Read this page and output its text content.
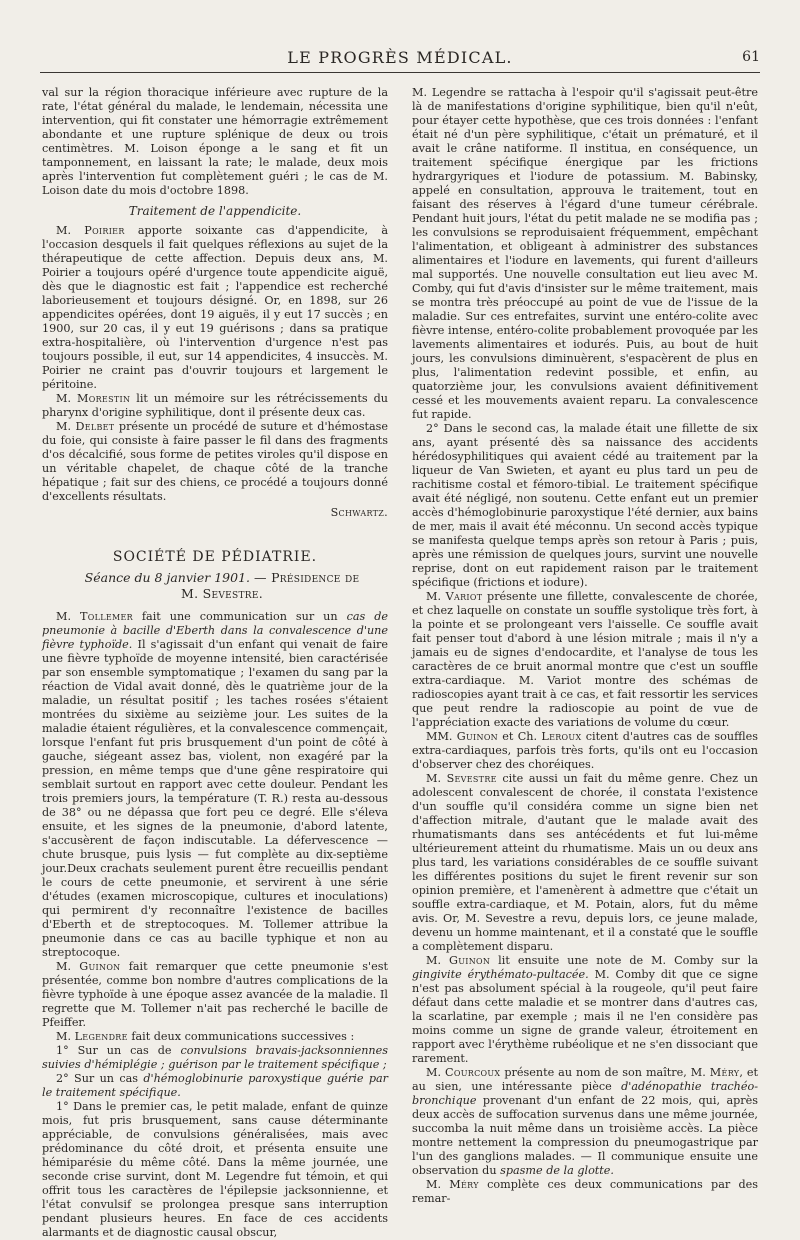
LE PROGRÈS MÉDICAL.	61

val sur la région thoracique inférieure avec rupture de la rate, l'état général du malade, le lendemain, nécessita une intervention, qui fit constater une hémorragie extrêmement abondante et une rupture splénique de deux ou trois centimètres. M. Loison éponge a le sang et fit un tamponnement, en laissant la rate; le malade, deux mois après l'intervention fut complètement guéri ; le cas de M. Loison date du mois d'octobre 1898.

Traitement de l'appendicite.

M. Poirier apporte soixante cas d'appendicite, à l'occasion desquels il fait quelques réflexions au sujet de la thérapeutique de cette affection. Depuis deux ans, M. Poirier a toujours opéré d'urgence toute appendicite aiguë, dès que le diagnostic est fait ; l'appendice est recherché laborieusement et toujours désigné. Or, en 1898, sur 26 appendicites opérées, dont 19 aiguës, il y eut 17 succès ; en 1900, sur 20 cas, il y eut 19 guérisons ; dans sa pratique extra-hospitalière, où l'intervention d'urgence n'est pas toujours possible, il eut, sur 14 appendicites, 4 insuccès. M. Poirier ne craint pas d'ouvrir toujours et largement le péritoine.

M. Morestin lit un mémoire sur les rétrécissements du pharynx d'origine syphilitique, dont il présente deux cas.

M. Delbet présente un procédé de suture et d'hémostase du foie, qui consiste à faire passer le fil dans des fragments d'os décalcifié, sous forme de petites viroles qu'il dispose en un véritable chapelet, de chaque côté de la tranche hépatique ; fait sur des chiens, ce procédé a toujours donné d'excellents résultats.

Schwartz.
SOCIÉTÉ DE PÉDIATRIE.

Séance du 8 janvier 1901. — Présidence de

M. Sevestre.

M. Tollemer fait une communication sur un cas de pneumonie à bacille d'Eberth dans la convalescence d'une fièvre typhoïde. Il s'agissait d'un enfant qui venait de faire une fièvre typhoïde de moyenne intensité, bien caractérisée par son ensemble symptomatique ; l'examen du sang par la réaction de Vidal avait donné, dès le quatrième jour de la maladie, un résultat positif ; les taches rosées s'étaient montrées du sixième au seizième jour. Les suites de la maladie étaient régulières, et la convalescence commençait, lorsque l'enfant fut pris brusquement d'un point de côté à gauche, siégeant assez bas, violent, non exagéré par la pression, en même temps que d'une gêne respiratoire qui semblait surtout en rapport avec cette douleur. Pendant les trois premiers jours, la température (T. R.) resta au-dessous de 38° ou ne dépassa que fort peu ce degré. Elle s'éleva ensuite, et les signes de la pneumonie, d'abord latente, s'accusèrent de façon indiscutable. La défervescence — chute brusque, puis lysis — fut complète au dix-septième jour.Deux crachats seulement purent être recueillis pendant le cours de cette pneumonie, et servirent à une série d'études (examen microscopique, cultures et inoculations) qui permirent d'y reconnaître l'existence de bacilles d'Eberth et de streptocoques. M. Tollemer attribue la pneumonie dans ce cas au bacille typhique et non au streptocoque.

M. Guinon fait remarquer que cette pneumonie s'est présentée, comme bon nombre d'autres complications de la fièvre typhoïde à une époque assez avancée de la maladie. Il regrette que M. Tollemer n'ait pas recherché le bacille de Pfeiffer.

M. Legendre fait deux communications successives :

1° Sur un cas de convulsions bravais-jacksonniennes suivies d'hémiplégie ; guérison par le traitement spécifique ;

2° Sur un cas d'hémoglobinurie paroxystique guérie par le traitement spécifique.

1° Dans le premier cas, le petit malade, enfant de quinze mois, fut pris brusquement, sans cause déterminante appréciable, de convulsions généralisées, mais avec prédominance du côté droit, et présenta ensuite une hémiparésie du même côté. Dans la même journée, une seconde crise survint, dont M. Legendre fut témoin, et qui offrit tous les caractères de l'épilepsie jacksonnienne, et l'état convulsif se prolongea presque sans interruption pendant plusieurs heures. En face de ces accidents alarmants et de diagnostic causal obscur,

M. Legendre se rattacha à l'espoir qu'il s'agissait peut-être là de manifestations d'origine syphilitique, bien qu'il n'eût, pour étayer cette hypothèse, que ces trois données : l'enfant était né d'un père syphilitique, c'était un prématuré, et il avait le crâne natiforme. Il institua, en conséquence, un traitement spécifique énergique par les frictions hydrargyriques et l'iodure de potassium. M. Babinsky, appelé en consultation, approuva le traitement, tout en faisant des réserves à l'égard d'une tumeur cérébrale. Pendant huit jours, l'état du petit malade ne se modifia pas ; les convulsions se reproduisaient fréquemment, empêchant l'alimentation, et obligeant à administrer des substances alimentaires et l'iodure en lavements, qui furent d'ailleurs mal supportés. Une nouvelle consultation eut lieu avec M. Comby, qui fut d'avis d'insister sur le même traitement, mais se montra très préoccupé au point de vue de l'issue de la maladie. Sur ces entrefaites, survint une entéro-colite avec fièvre intense, entéro-colite probablement provoquée par les lavements alimentaires et iodurés. Puis, au bout de huit jours, les convulsions diminuèrent, s'espacèrent de plus en plus, l'alimentation redevint possible, et enfin, au quatorzième jour, les convulsions avaient définitivement cessé et les mouvements avaient reparu. La convalescence fut rapide.

2° Dans le second cas, la malade était une fillette de six ans, ayant présenté dès sa naissance des accidents hérédosyphilitiques qui avaient cédé au traitement par la liqueur de Van Swieten, et ayant eu plus tard un peu de rachitisme costal et fémoro-tibial. Le traitement spécifique avait été négligé, non soutenu. Cette enfant eut un premier accès d'hémoglobinurie paroxystique l'été dernier, aux bains de mer, mais il avait été méconnu. Un second accès typique se manifesta quelque temps après son retour à Paris ; puis, après une rémission de quelques jours, survint une nouvelle reprise, dont on eut rapidement raison par le traitement spécifique (frictions et iodure).

M. Variot présente une fillette, convalescente de chorée, et chez laquelle on constate un souffle systolique très fort, à la pointe et se prolongeant vers l'aisselle. Ce souffle avait fait penser tout d'abord à une lésion mitrale ; mais il n'y a jamais eu de signes d'endocardite, et l'analyse de tous les caractères de ce bruit anormal montre que c'est un souffle extra-cardiaque. M. Variot montre des schémas de radioscopies ayant trait à ce cas, et fait ressortir les services que peut rendre la radioscopie au point de vue de l'appréciation exacte des variations de volume du cœur.

MM. Guinon et Ch. Leroux citent d'autres cas de souffles extra-cardiaques, parfois très forts, qu'ils ont eu l'occasion d'observer chez des choréiques.

M. Sevestre cite aussi un fait du même genre. Chez un adolescent convalescent de chorée, il constata l'existence d'un souffle qu'il considéra comme un signe bien net d'affection mitrale, d'autant que le malade avait des rhumatismants dans ses antécédents et fut lui-même ultérieurement atteint du rhumatisme. Mais un ou deux ans plus tard, les variations considérables de ce souffle suivant les différentes positions du sujet le firent revenir sur son opinion première, et l'amenèrent à admettre que c'était un souffle extra-cardiaque, et M. Potain, alors, fut du même avis. Or, M. Sevestre a revu, depuis lors, ce jeune malade, devenu un homme maintenant, et il a constaté que le souffle a complètement disparu.

M. Guinon lit ensuite une note de M. Comby sur la gingivite érythémato-pultacée. M. Comby dit que ce signe n'est pas absolument spécial à la rougeole, qu'il peut faire défaut dans cette maladie et se montrer dans d'autres cas, la scarlatine, par exemple ; mais il ne l'en considère pas moins comme un signe de grande valeur, étroitement en rapport avec l'érythème rubéolique et ne s'en dissociant que rarement.

M. Courcoux présente au nom de son maître, M. Méry, et au sien, une intéressante pièce d'adénopathie trachéo-bronchique provenant d'un enfant de 22 mois, qui, après deux accès de suffocation survenus dans une même journée, succomba la nuit même dans un troisième accès. La pièce montre nettement la compression du pneumogastrique par l'un des ganglions malades. — Il communique ensuite une observation du spasme de la glotte.

M. Méry complète ces deux communications par des remar-
